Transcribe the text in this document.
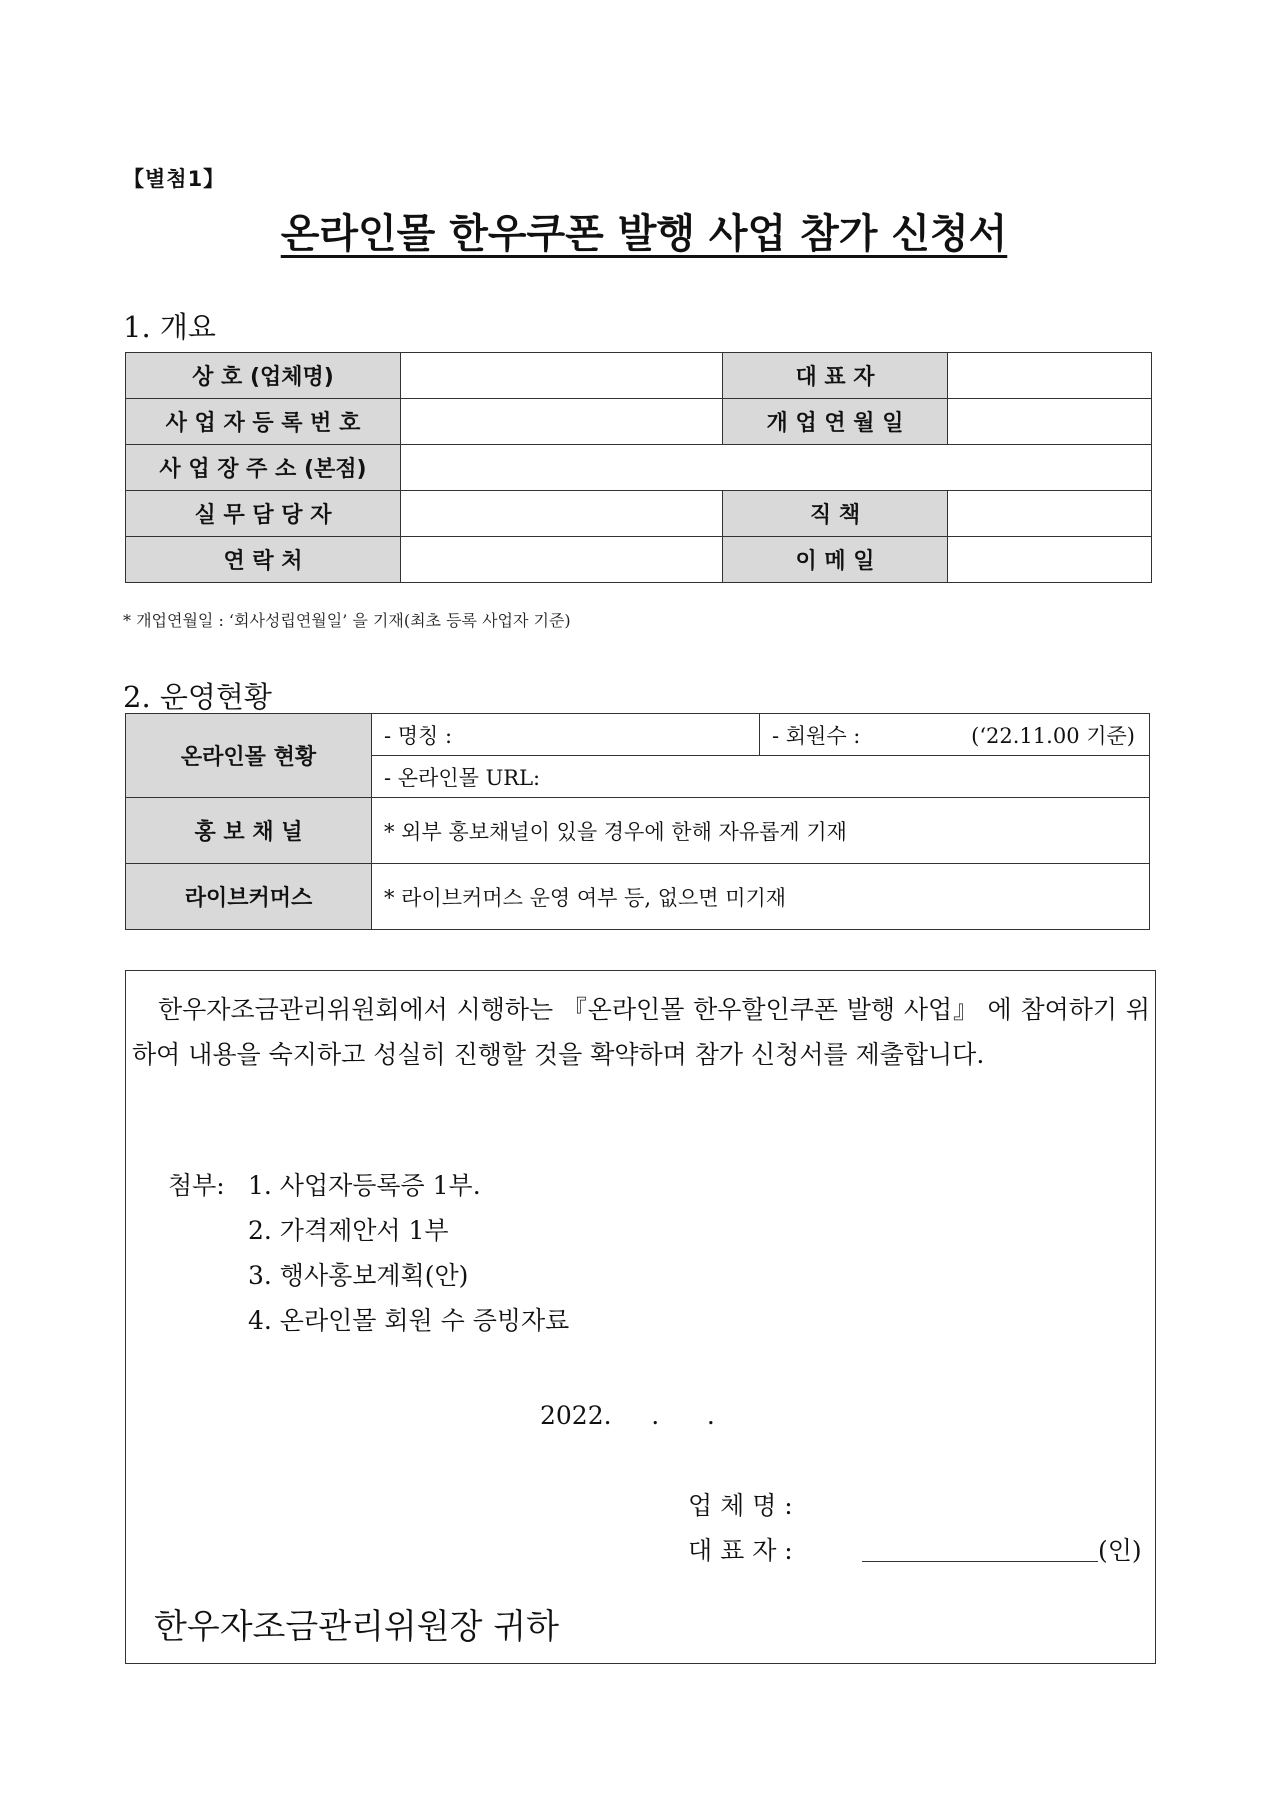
【별첨1】
온라인몰 한우쿠폰 발행 사업 참가 신청서
1. 개요
상 호 (업체명)		대 표 자	
사 업 자 등 록 번 호		개 업 연 월 일	
사 업 장 주 소 (본점)			
실 무 담 당 자		직 책	
연 락 처		이 메 일	
* 개업연월일 : ‘회사성립연월일’ 을 기재(최초 등록 사업자 기준)
2. 운영현황
온라인몰 현황	- 명칭 :	- 회원수 : (‘22.11.00 기준)

	- 온라인몰 URL:	
홍 보 채 널	* 외부 홍보채널이 있을 경우에 한해 자유롭게 기재	
라이브커머스	* 라이브커머스 운영 여부 등, 없으면 미기재	
한우자조금관리위원회에서 시행하는 『온라인몰 한우할인쿠폰 발행 사업』 에 참여하기 위하여 내용을 숙지하고 성실히 진행할 것을 확약하며 참가 신청서를 제출합니다.
첨부: 1. 사업자등록증 1부.
2. 가격제안서 1부
3. 행사홍보계획(안)
4. 온라인몰 회원 수 증빙자료
2022.     .      .
업 체 명 :
대 표 자 :	(인)
한우자조금관리위원장 귀하
